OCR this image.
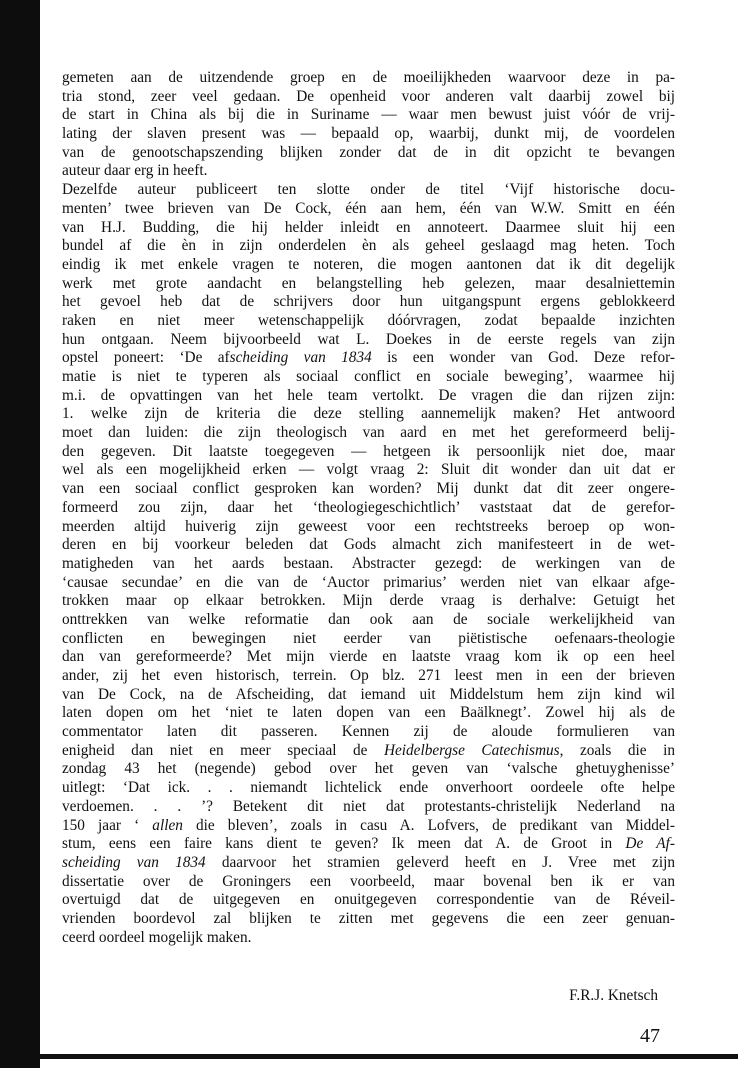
gemeten aan de uitzendende groep en de moeilijkheden waarvoor deze in pa-
tria stond, zeer veel gedaan. De openheid voor anderen valt daarbij zowel bij
de start in China als bij die in Suriname — waar men bewust juist vóór de vrij-
lating der slaven present was — bepaald op, waarbij, dunkt mij, de voordelen
van de genootschapszending blijken zonder dat de in dit opzicht te bevangen
auteur daar erg in heeft.
Dezelfde auteur publiceert ten slotte onder de titel ‘Vijf historische docu-
menten’ twee brieven van De Cock, één aan hem, één van W.W. Smitt en één
van H.J. Budding, die hij helder inleidt en annoteert. Daarmee sluit hij een
bundel af die èn in zijn onderdelen èn als geheel geslaagd mag heten. Toch
eindig ik met enkele vragen te noteren, die mogen aantonen dat ik dit degelijk
werk met grote aandacht en belangstelling heb gelezen, maar desalniettemin
het gevoel heb dat de schrijvers door hun uitgangspunt ergens geblokkeerd
raken en niet meer wetenschappelijk dóórvragen, zodat bepaalde inzichten
hun ontgaan. Neem bijvoorbeeld wat L. Doekes in de eerste regels van zijn
opstel poneert: ‘De afscheiding van 1834 is een wonder van God. Deze refor-
matie is niet te typeren als sociaal conflict en sociale beweging’, waarmee hij
m.i. de opvattingen van het hele team vertolkt. De vragen die dan rijzen zijn:
1. welke zijn de kriteria die deze stelling aannemelijk maken? Het antwoord
moet dan luiden: die zijn theologisch van aard en met het gereformeerd belij-
den gegeven. Dit laatste toegegeven — hetgeen ik persoonlijk niet doe, maar
wel als een mogelijkheid erken — volgt vraag 2: Sluit dit wonder dan uit dat er
van een sociaal conflict gesproken kan worden? Mij dunkt dat dit zeer ongere-
formeerd zou zijn, daar het ‘theologiegeschichtlich’ vaststaat dat de gerefor-
meerden altijd huiverig zijn geweest voor een rechtstreeks beroep op won-
deren en bij voorkeur beleden dat Gods almacht zich manifesteert in de wet-
matigheden van het aards bestaan. Abstracter gezegd: de werkingen van de
‘causae secundae’ en die van de ‘Auctor primarius’ werden niet van elkaar afge-
trokken maar op elkaar betrokken. Mijn derde vraag is derhalve: Getuigt het
onttrekken van welke reformatie dan ook aan de sociale werkelijkheid van
conflicten en bewegingen niet eerder van piëtistische oefenaars-theologie
dan van gereformeerde? Met mijn vierde en laatste vraag kom ik op een heel
ander, zij het even historisch, terrein. Op blz. 271 leest men in een der brieven
van De Cock, na de Afscheiding, dat iemand uit Middelstum hem zijn kind wil
laten dopen om het ‘niet te laten dopen van een Baälknegt’. Zowel hij als de
commentator laten dit passeren. Kennen zij de aloude formulieren van
enigheid dan niet en meer speciaal de Heidelbergse Catechismus, zoals die in
zondag 43 het (negende) gebod over het geven van ‘valsche ghetuyghenisse’
uitlegt: ‘Dat ick. . . niemandt lichtelick ende onverhoort oordeele ofte helpe
verdoemen. . . ’? Betekent dit niet dat protestants-christelijk Nederland na
150 jaar ‘ allen die bleven’, zoals in casu A. Lofvers, de predikant van Middel-
stum, eens een faire kans dient te geven? Ik meen dat A. de Groot in De Af-
scheiding van 1834 daarvoor het stramien geleverd heeft en J. Vree met zijn
dissertatie over de Groningers een voorbeeld, maar bovenal ben ik er van
overtuigd dat de uitgegeven en onuitgegeven correspondentie van de Réveil-
vrienden boordevol zal blijken te zitten met gegevens die een zeer genuan-
ceerd oordeel mogelijk maken.
F.R.J. Knetsch
47
